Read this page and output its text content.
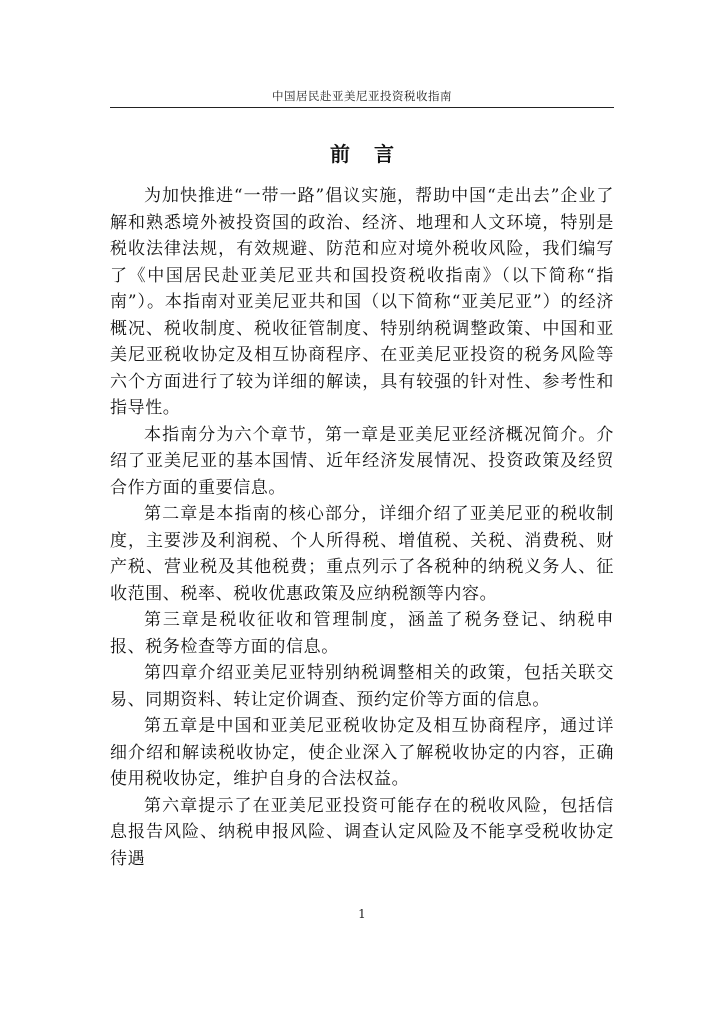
中国居民赴亚美尼亚投资税收指南
前言

为加快推进“一带一路”倡议实施，帮助中国“走出去”企业了解和熟悉境外被投资国的政治、经济、地理和人文环境，特别是税收法律法规，有效规避、防范和应对境外税收风险，我们编写了《中国居民赴亚美尼亚共和国投资税收指南》（以下简称“指南”）。本指南对亚美尼亚共和国（以下简称“亚美尼亚”）的经济概况、税收制度、税收征管制度、特别纳税调整政策、中国和亚美尼亚税收协定及相互协商程序、在亚美尼亚投资的税务风险等六个方面进行了较为详细的解读，具有较强的针对性、参考性和指导性。

本指南分为六个章节，第一章是亚美尼亚经济概况简介。介绍了亚美尼亚的基本国情、近年经济发展情况、投资政策及经贸合作方面的重要信息。

第二章是本指南的核心部分，详细介绍了亚美尼亚的税收制度，主要涉及利润税、个人所得税、增值税、关税、消费税、财产税、营业税及其他税费；重点列示了各税种的纳税义务人、征收范围、税率、税收优惠政策及应纳税额等内容。

第三章是税收征收和管理制度，涵盖了税务登记、纳税申报、税务检查等方面的信息。

第四章介绍亚美尼亚特别纳税调整相关的政策，包括关联交易、同期资料、转让定价调查、预约定价等方面的信息。

第五章是中国和亚美尼亚税收协定及相互协商程序，通过详细介绍和解读税收协定，使企业深入了解税收协定的内容，正确使用税收协定，维护自身的合法权益。

第六章提示了在亚美尼亚投资可能存在的税收风险，包括信息报告风险、纳税申报风险、调查认定风险及不能享受税收协定待遇

1
